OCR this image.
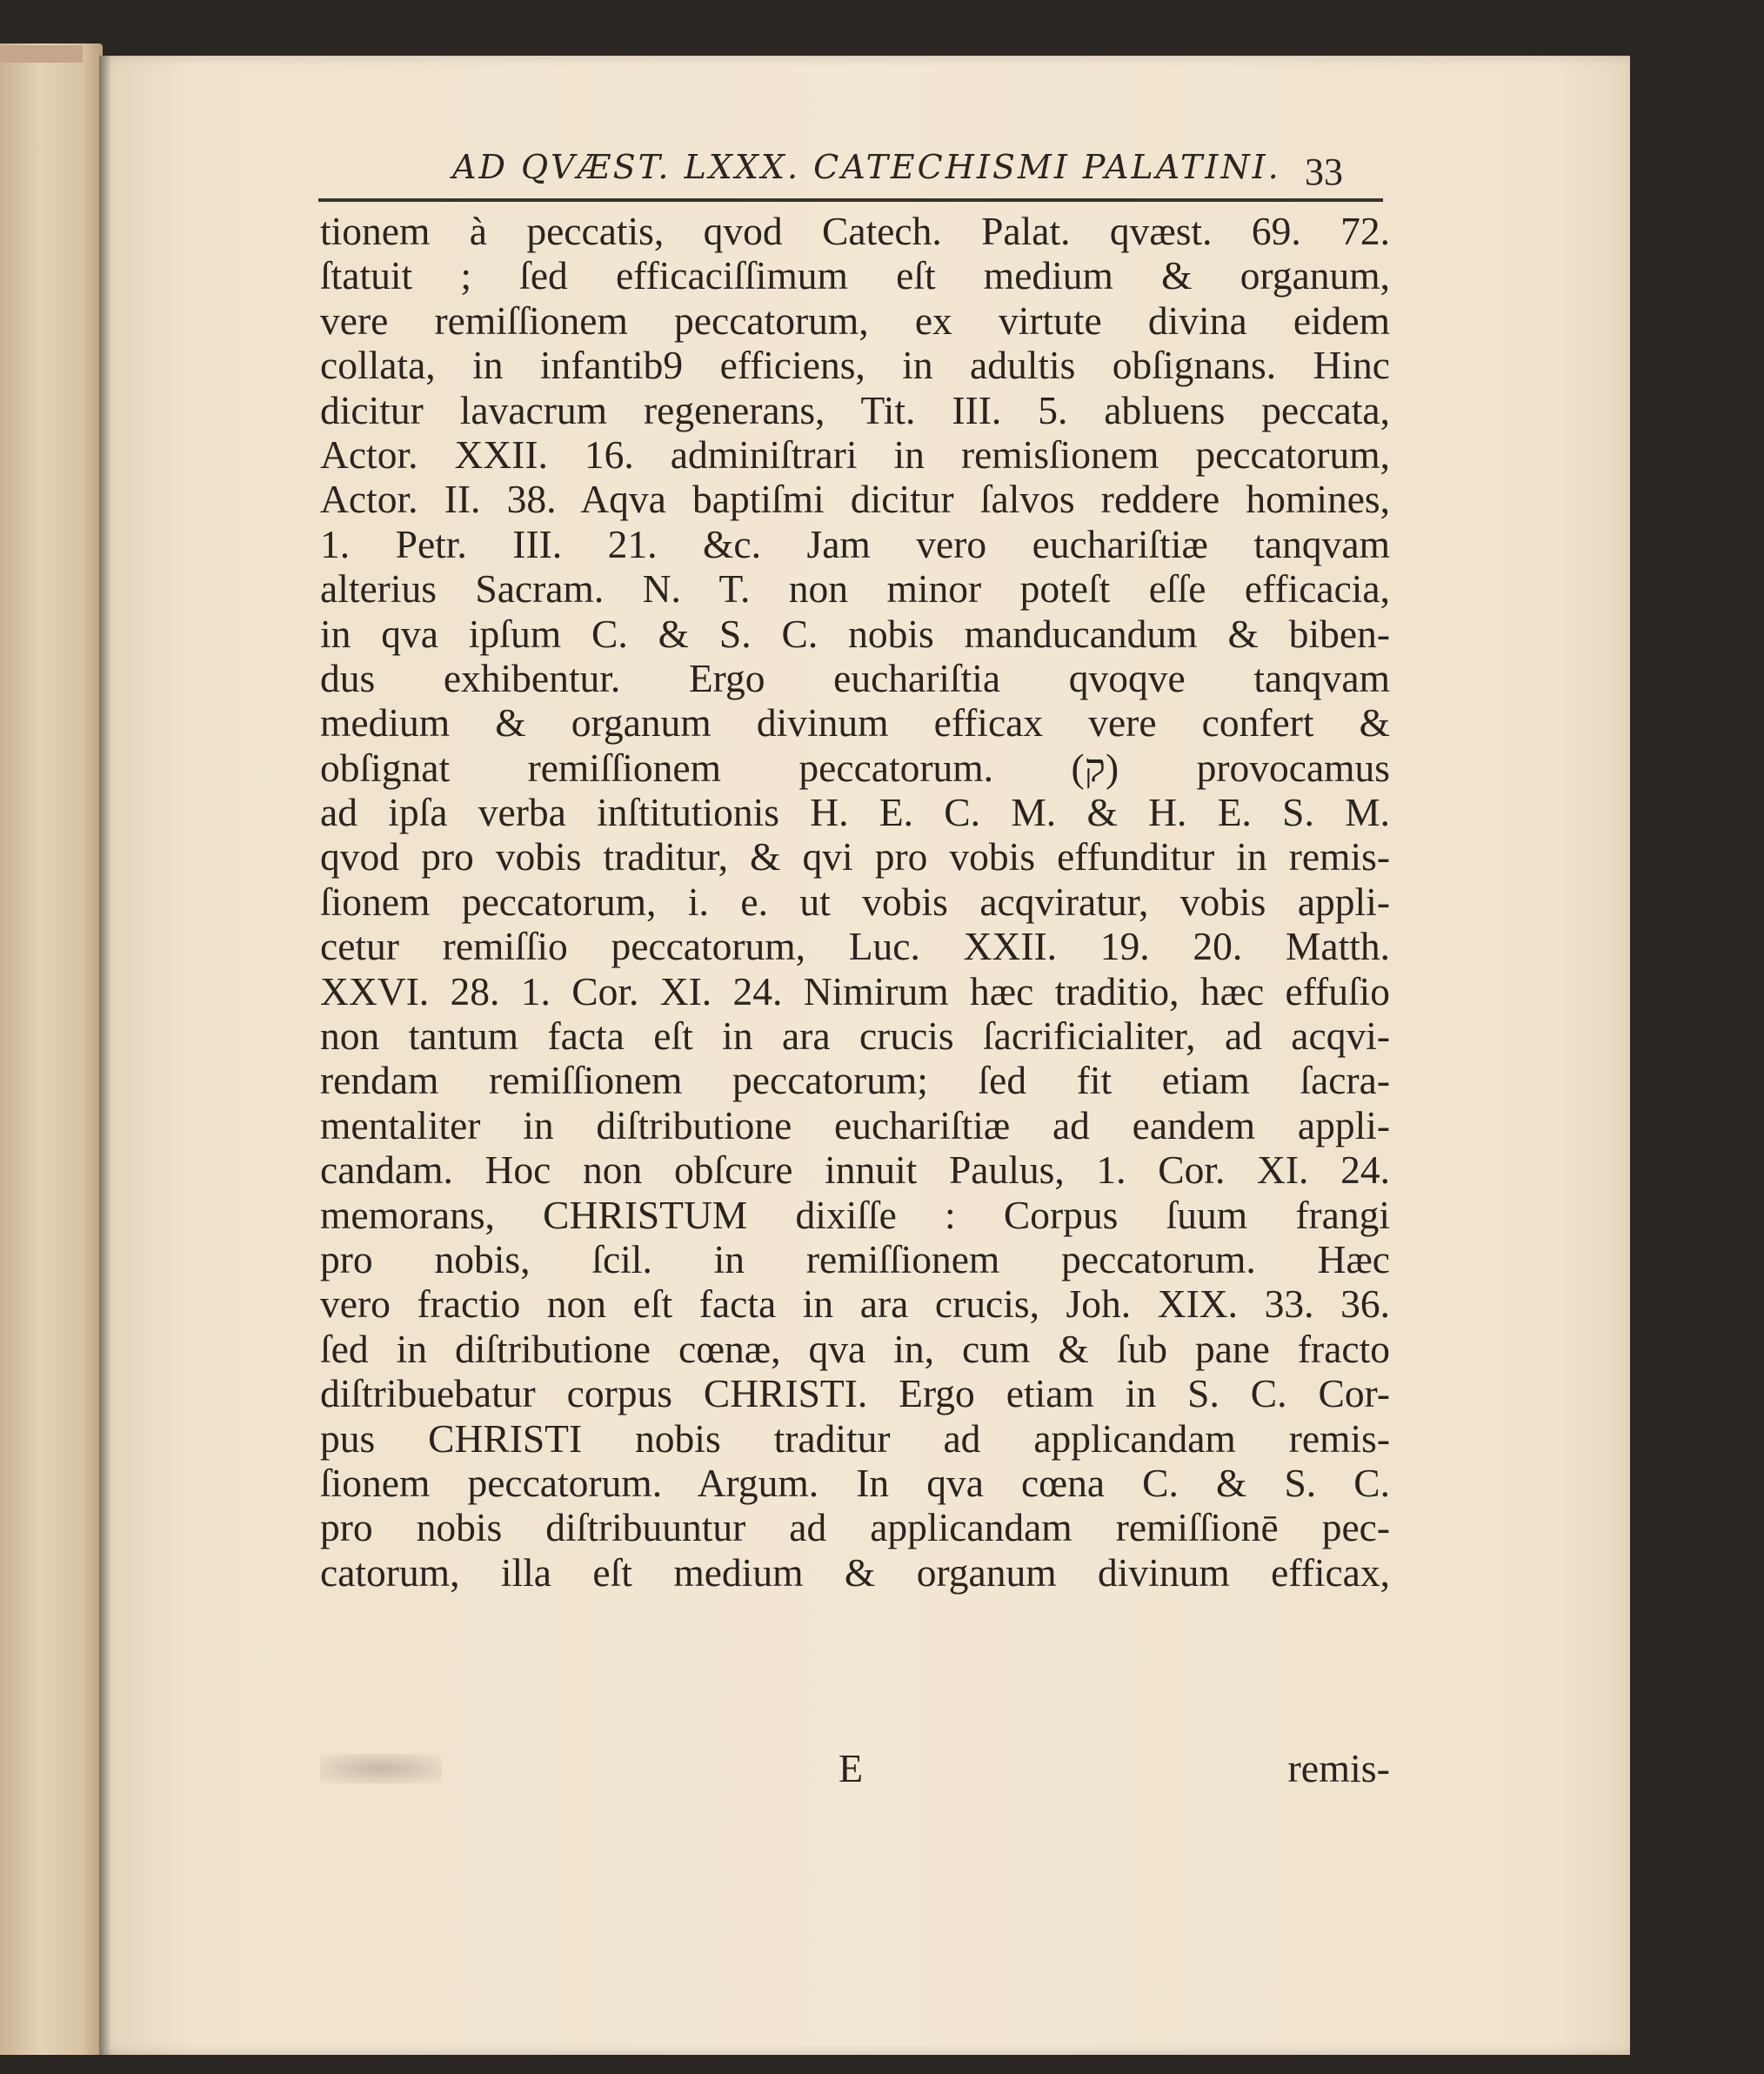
AD QVÆST. LXXX. CATECHISMI PALATINI. 33
tionem à peccatis, qvod Catech. Palat. qvæst. 69. 72.
ſtatuit ; ſed efficaciſſimum eſt medium & organum,
vere remiſſionem peccatorum, ex virtute divina eidem
collata, in infantib9 efficiens, in adultis obſignans. Hinc
dicitur lavacrum regenerans, Tit. III. 5. abluens peccata,
Actor. XXII. 16. adminiſtrari in remisſionem peccatorum,
Actor. II. 38. Aqva baptiſmi dicitur ſalvos reddere homines,
1. Petr. III. 21. &c. Jam vero euchariſtiæ tanqvam
alterius Sacram. N. T. non minor poteſt eſſe efficacia,
in qva ipſum C. & S. C. nobis manducandum & biben-
dus exhibentur. Ergo euchariſtia qvoqve tanqvam
medium & organum divinum efficax vere confert &
obſignat remiſſionem peccatorum. (ק) provocamus
ad ipſa verba inſtitutionis H. E. C. M. & H. E. S. M.
qvod pro vobis traditur, & qvi pro vobis effunditur in remis-
ſionem peccatorum, i. e. ut vobis acqviratur, vobis appli-
cetur remiſſio peccatorum, Luc. XXII. 19. 20. Matth.
XXVI. 28. 1. Cor. XI. 24. Nimirum hæc traditio, hæc effuſio
non tantum facta eſt in ara crucis ſacrificialiter, ad acqvi-
rendam remiſſionem peccatorum; ſed fit etiam ſacra-
mentaliter in diſtributione euchariſtiæ ad eandem appli-
candam. Hoc non obſcure innuit Paulus, 1. Cor. XI. 24.
memorans, CHRISTUM dixiſſe : Corpus ſuum frangi
pro nobis, ſcil. in remiſſionem peccatorum. Hæc
vero fractio non eſt facta in ara crucis, Joh. XIX. 33. 36.
ſed in diſtributione cœnæ, qva in, cum & ſub pane fracto
diſtribuebatur corpus CHRISTI. Ergo etiam in S. C. Cor-
pus CHRISTI nobis traditur ad applicandam remis-
ſionem peccatorum. Argum. In qva cœna C. & S. C.
pro nobis diſtribuuntur ad applicandam remiſſionē pec-
catorum, illa eſt medium & organum divinum efficax,
E	remis-
